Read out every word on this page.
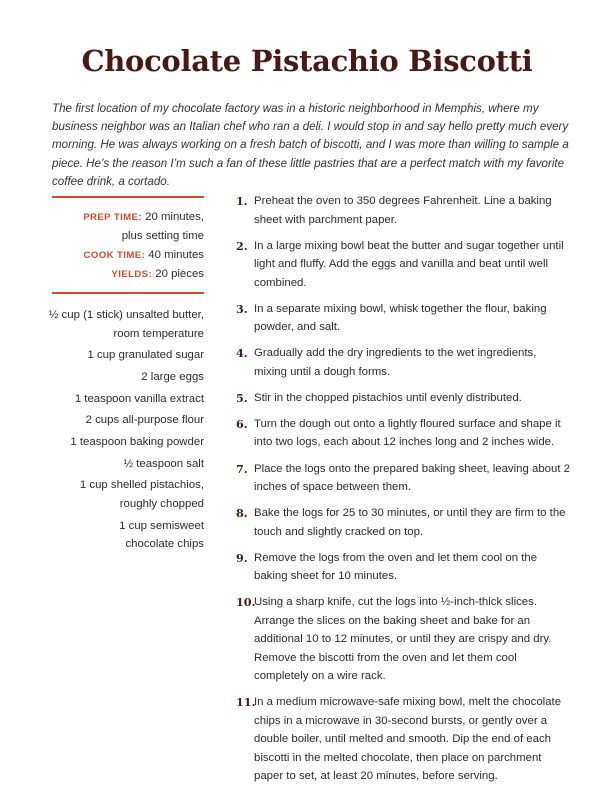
Chocolate Pistachio Biscotti

The first location of my chocolate factory was in a historic neighborhood in Memphis, where my business neighbor was an Italian chef who ran a deli. I would stop in and say hello pretty much every morning. He was always working on a fresh batch of biscotti, and I was more than willing to sample a piece. He’s the reason I’m such a fan of these little pastries that are a perfect match with my favorite coffee drink, a cortado.

PREP TIME: 20 minutes,
plus setting time
COOK TIME: 40 minutes
YIELDS: 20 pieces
½ cup (1 stick) unsalted butter,
room temperature
1 cup granulated sugar
2 large eggs
1 teaspoon vanilla extract
2 cups all-purpose flour
1 teaspoon baking powder
½ teaspoon salt
1 cup shelled pistachios,
roughly chopped
1 cup semisweet
chocolate chips
1. Preheat the oven to 350 degrees Fahrenheit. Line a baking sheet with parchment paper.
2. In a large mixing bowl beat the butter and sugar together until light and fluffy. Add the eggs and vanilla and beat until well combined.
3. In a separate mixing bowl, whisk together the flour, baking powder, and salt.
4. Gradually add the dry ingredients to the wet ingredients, mixing until a dough forms.
5. Stir in the chopped pistachios until evenly distributed.
6. Turn the dough out onto a lightly floured surface and shape it into two logs, each about 12 inches long and 2 inches wide.
7. Place the logs onto the prepared baking sheet, leaving about 2 inches of space between them.
8. Bake the logs for 25 to 30 minutes, or until they are firm to the touch and slightly cracked on top.
9. Remove the logs from the oven and let them cool on the baking sheet for 10 minutes.
10.
Using a sharp knife, cut the logs into ½-inch-thick slices. Arrange the slices on the baking sheet and bake for an additional 10 to 12 minutes, or until they are crispy and dry. Remove the biscotti from the oven and let them cool completely on a wire rack.
11.
In a medium microwave-safe mixing bowl, melt the chocolate chips in a microwave in 30-second bursts, or gently over a double boiler, until melted and smooth. Dip the end of each biscotti in the melted chocolate, then place on parchment paper to set, at least 20 minutes, before serving.
